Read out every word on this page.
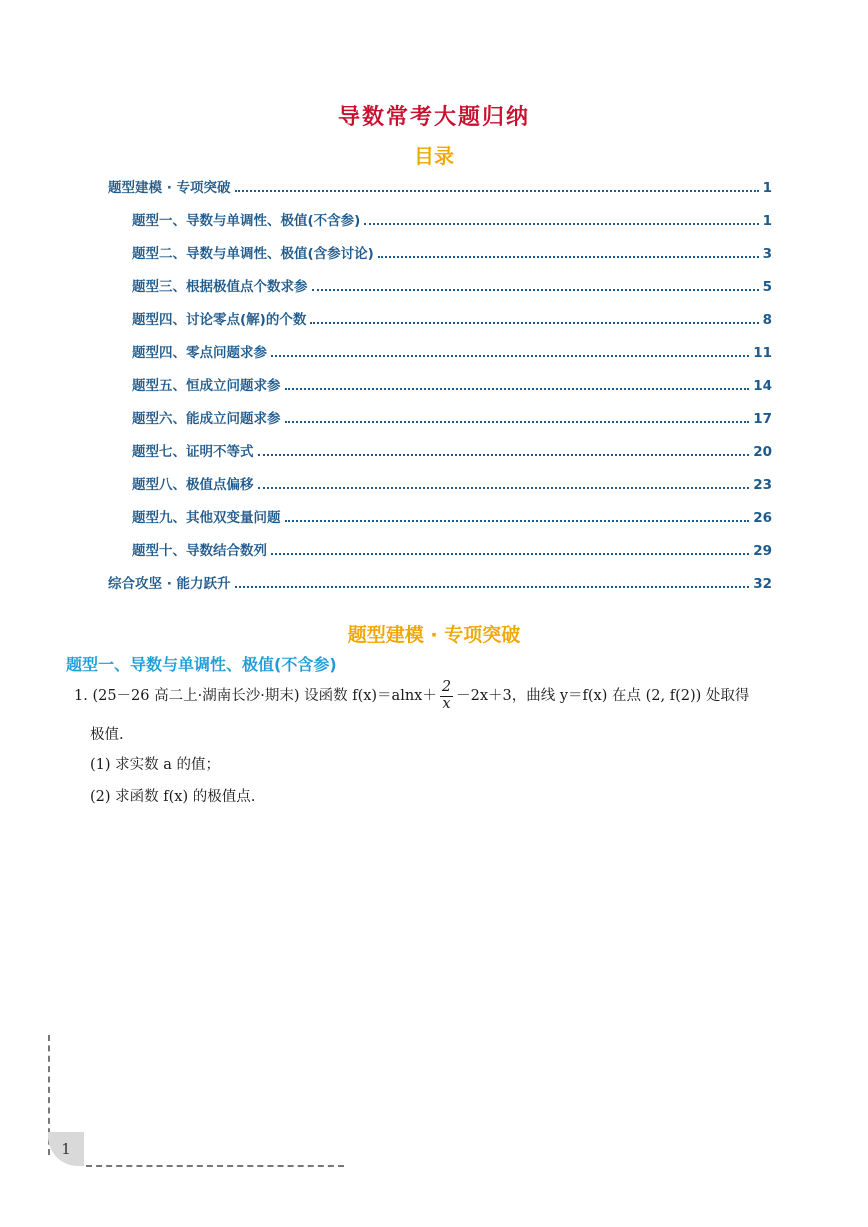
导数常考大题归纳
目录
题型建模 · 专项突破	1
题型一、导数与单调性、极值(不含参)	1
题型二、导数与单调性、极值(含参讨论)	3
题型三、根据极值点个数求参	5
题型四、讨论零点(解)的个数	8
题型四、零点问题求参	11
题型五、恒成立问题求参	14
题型六、能成立问题求参	17
题型七、证明不等式	20
题型八、极值点偏移	23
题型九、其他双变量问题	26
题型十、导数结合数列	29
综合攻坚 · 能力跃升	32
题型建模 · 专项突破
题型一、导数与单调性、极值(不含参)
1. (25－26 高二上·湖南长沙·期末) 设函数 $f(x)=alnx+ \frac{2}{x} -2x+3$，曲线 y＝f(x) 在点 (2, f(2)) 处取得
极值.
(1) 求实数 a 的值；
(2) 求函数 f(x) 的极值点.
1
